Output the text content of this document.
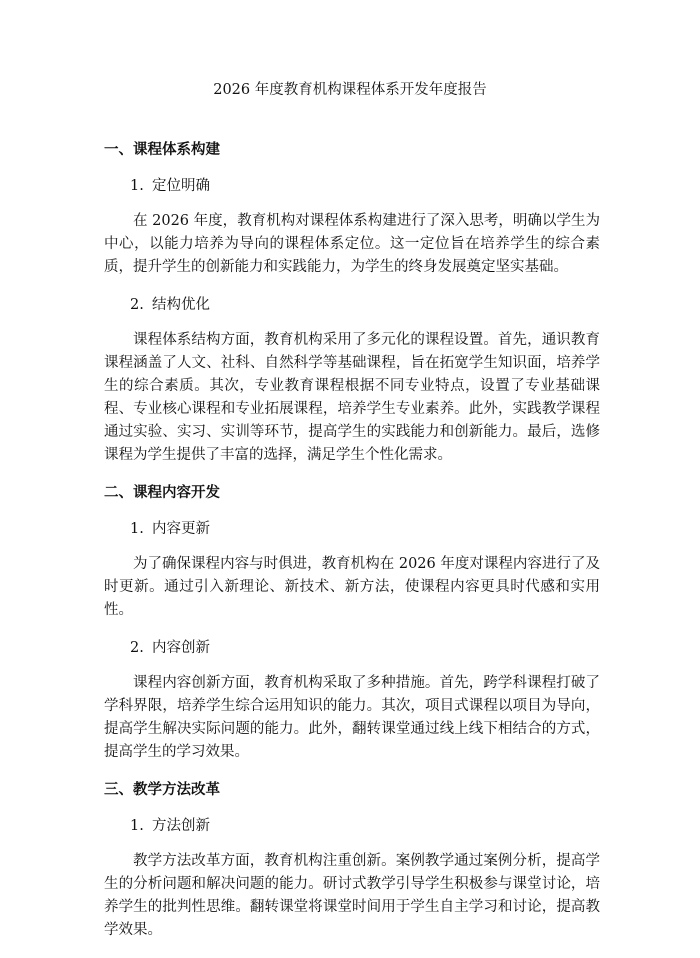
2026 年度教育机构课程体系开发年度报告
一、课程体系构建
1. 定位明确

在 2026 年度，教育机构对课程体系构建进行了深入思考，明确以学生为中心，以能力培养为导向的课程体系定位。这一定位旨在培养学生的综合素质，提升学生的创新能力和实践能力，为学生的终身发展奠定坚实基础。

2. 结构优化

课程体系结构方面，教育机构采用了多元化的课程设置。首先，通识教育课程涵盖了人文、社科、自然科学等基础课程，旨在拓宽学生知识面，培养学生的综合素质。其次，专业教育课程根据不同专业特点，设置了专业基础课程、专业核心课程和专业拓展课程，培养学生专业素养。此外，实践教学课程通过实验、实习、实训等环节，提高学生的实践能力和创新能力。最后，选修课程为学生提供了丰富的选择，满足学生个性化需求。

二、课程内容开发
1. 内容更新

为了确保课程内容与时俱进，教育机构在 2026 年度对课程内容进行了及时更新。通过引入新理论、新技术、新方法，使课程内容更具时代感和实用性。

2. 内容创新

课程内容创新方面，教育机构采取了多种措施。首先，跨学科课程打破了学科界限，培养学生综合运用知识的能力。其次，项目式课程以项目为导向，提高学生解决实际问题的能力。此外，翻转课堂通过线上线下相结合的方式，提高学生的学习效果。

三、教学方法改革
1. 方法创新

教学方法改革方面，教育机构注重创新。案例教学通过案例分析，提高学生的分析问题和解决问题的能力。研讨式教学引导学生积极参与课堂讨论，培养学生的批判性思维。翻转课堂将课堂时间用于学生自主学习和讨论，提高教学效果。
